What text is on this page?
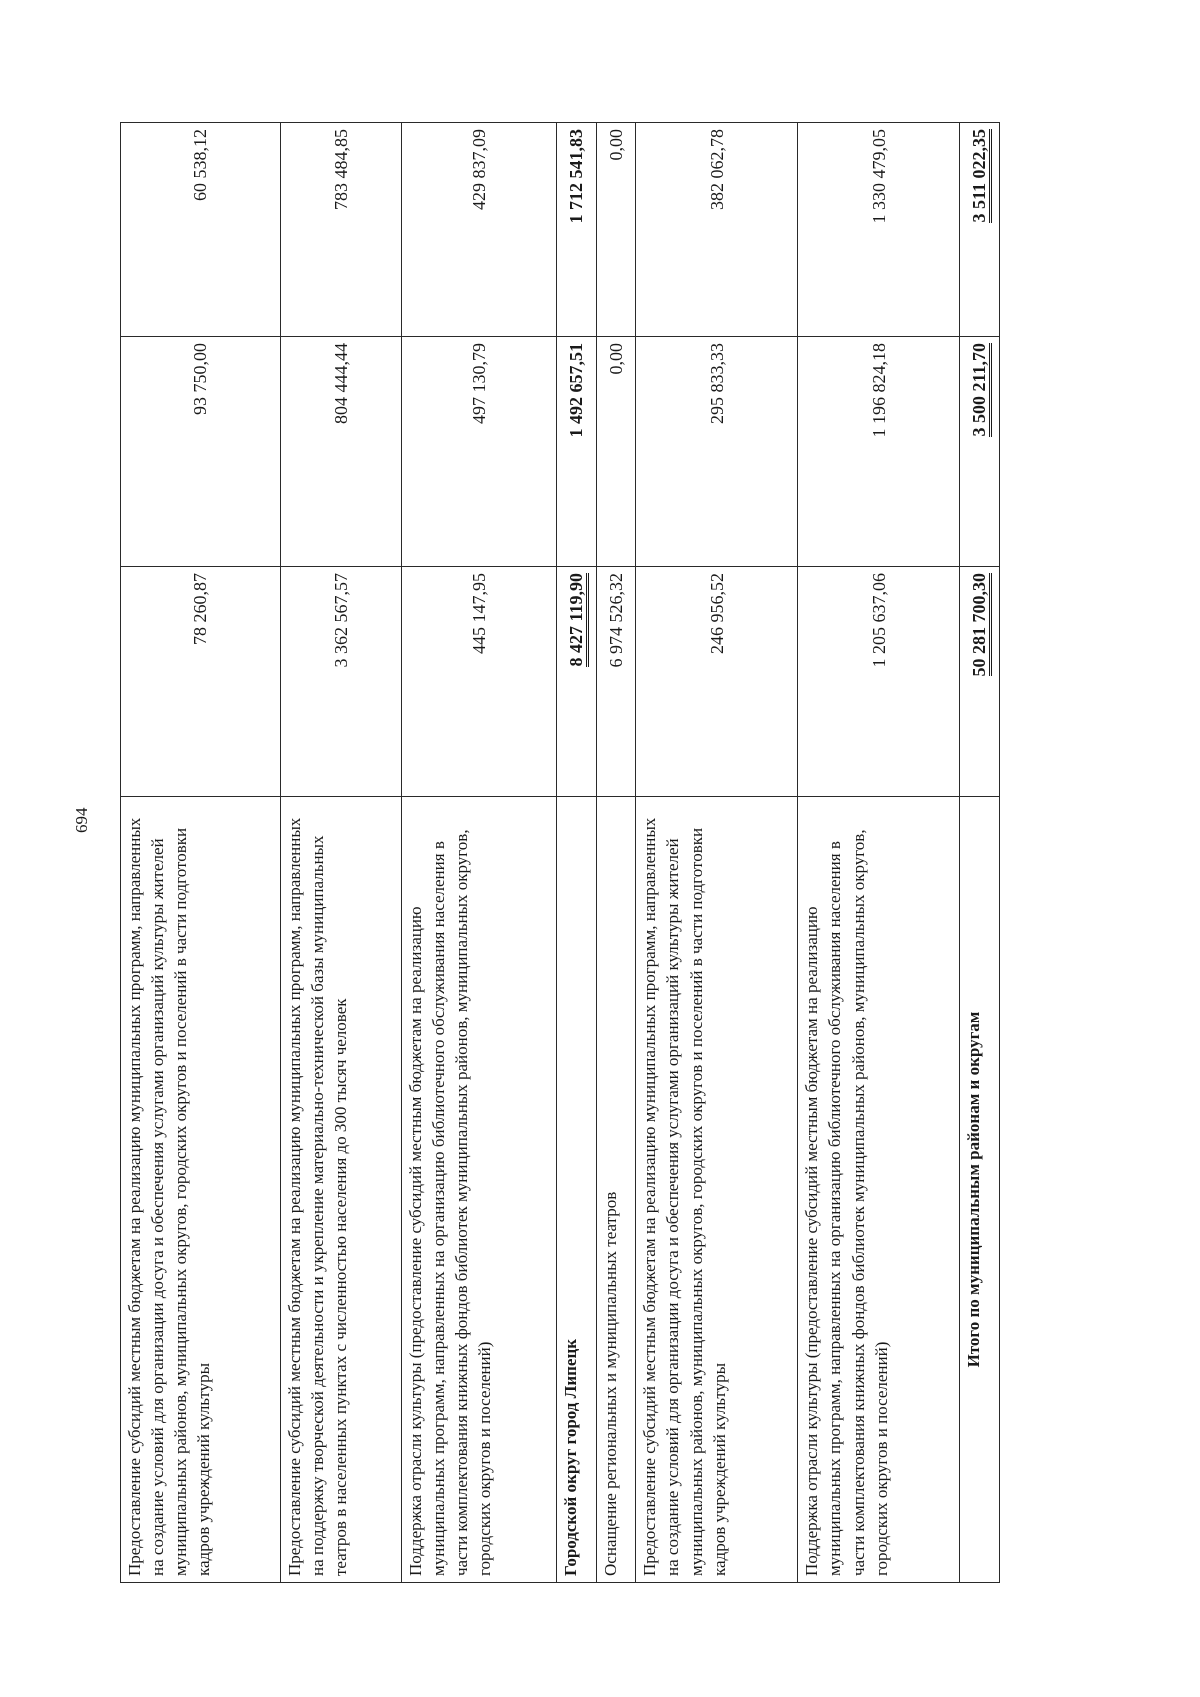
694 Предоставление субсидий местным бюджетам на реализацию муниципальных программ, направленных на создание условий для организации досуга и обеспечения услугами организаций культуры жителей муниципальных районов, муниципальных округов, городских округов и поселений в части подготовки кадров учреждений культуры	78 260,87	93 750,00	60 538,12
Предоставление субсидий местным бюджетам на реализацию муниципальных программ, направленных на поддержку творческой деятельности и укрепление материально-технической базы муниципальных театров в населенных пунктах с численностью населения до 300 тысяч человек	3 362 567,57	804 444,44	783 484,85
Поддержка отрасли культуры (предоставление субсидий местным бюджетам на реализацию муниципальных программ, направленных на организацию библиотечного обслуживания населения в части комплектования книжных фондов библиотек муниципальных районов, муниципальных округов, городских округов и поселений)	445 147,95	497 130,79	429 837,09
Городской округ город Липецк	8 427 119,90	1 492 657,51	1 712 541,83
Оснащение региональных и муниципальных театров	6 974 526,32	0,00	0,00
Предоставление субсидий местным бюджетам на реализацию муниципальных программ, направленных на создание условий для организации досуга и обеспечения услугами организаций культуры жителей муниципальных районов, муниципальных округов, городских округов и поселений в части подготовки кадров учреждений культуры	246 956,52	295 833,33	382 062,78
Поддержка отрасли культуры (предоставление субсидий местным бюджетам на реализацию муниципальных программ, направленных на организацию библиотечного обслуживания населения в части комплектования книжных фондов библиотек муниципальных районов, муниципальных округов, городских округов и поселений)	1 205 637,06	1 196 824,18	1 330 479,05
Итого по муниципальным районам и округам	50 281 700,30	3 500 211,70	3 511 022,35
